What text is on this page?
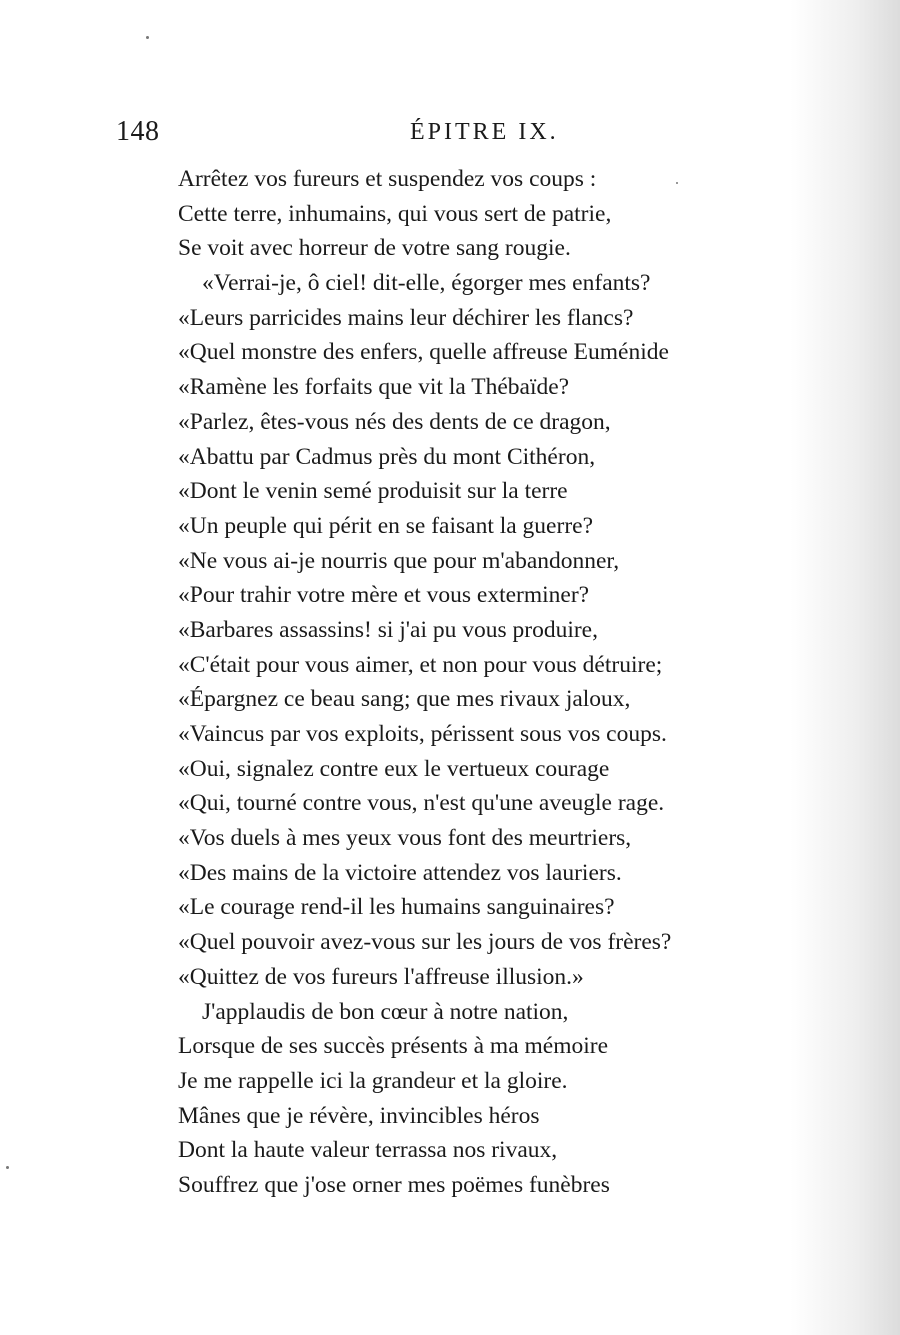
148	ÉPITRE IX.
Arrêtez vos fureurs et suspendez vos coups :
Cette terre, inhumains, qui vous sert de patrie,
Se voit avec horreur de votre sang rougie.
«Verrai-je, ô ciel! dit-elle, égorger mes enfants?
«Leurs parricides mains leur déchirer les flancs?
«Quel monstre des enfers, quelle affreuse Euménide
«Ramène les forfaits que vit la Thébaïde?
«Parlez, êtes-vous nés des dents de ce dragon,
«Abattu par Cadmus près du mont Cithéron,
«Dont le venin semé produisit sur la terre
«Un peuple qui périt en se faisant la guerre?
«Ne vous ai-je nourris que pour m'abandonner,
«Pour trahir votre mère et vous exterminer?
«Barbares assassins! si j'ai pu vous produire,
«C'était pour vous aimer, et non pour vous détruire;
«Épargnez ce beau sang; que mes rivaux jaloux,
«Vaincus par vos exploits, périssent sous vos coups.
«Oui, signalez contre eux le vertueux courage
«Qui, tourné contre vous, n'est qu'une aveugle rage.
«Vos duels à mes yeux vous font des meurtriers,
«Des mains de la victoire attendez vos lauriers.
«Le courage rend-il les humains sanguinaires?
«Quel pouvoir avez-vous sur les jours de vos frères?
«Quittez de vos fureurs l'affreuse illusion.»
J'applaudis de bon cœur à notre nation,
Lorsque de ses succès présents à ma mémoire
Je me rappelle ici la grandeur et la gloire.
Mânes que je révère, invincibles héros
Dont la haute valeur terrassa nos rivaux,
Souffrez que j'ose orner mes poëmes funèbres
